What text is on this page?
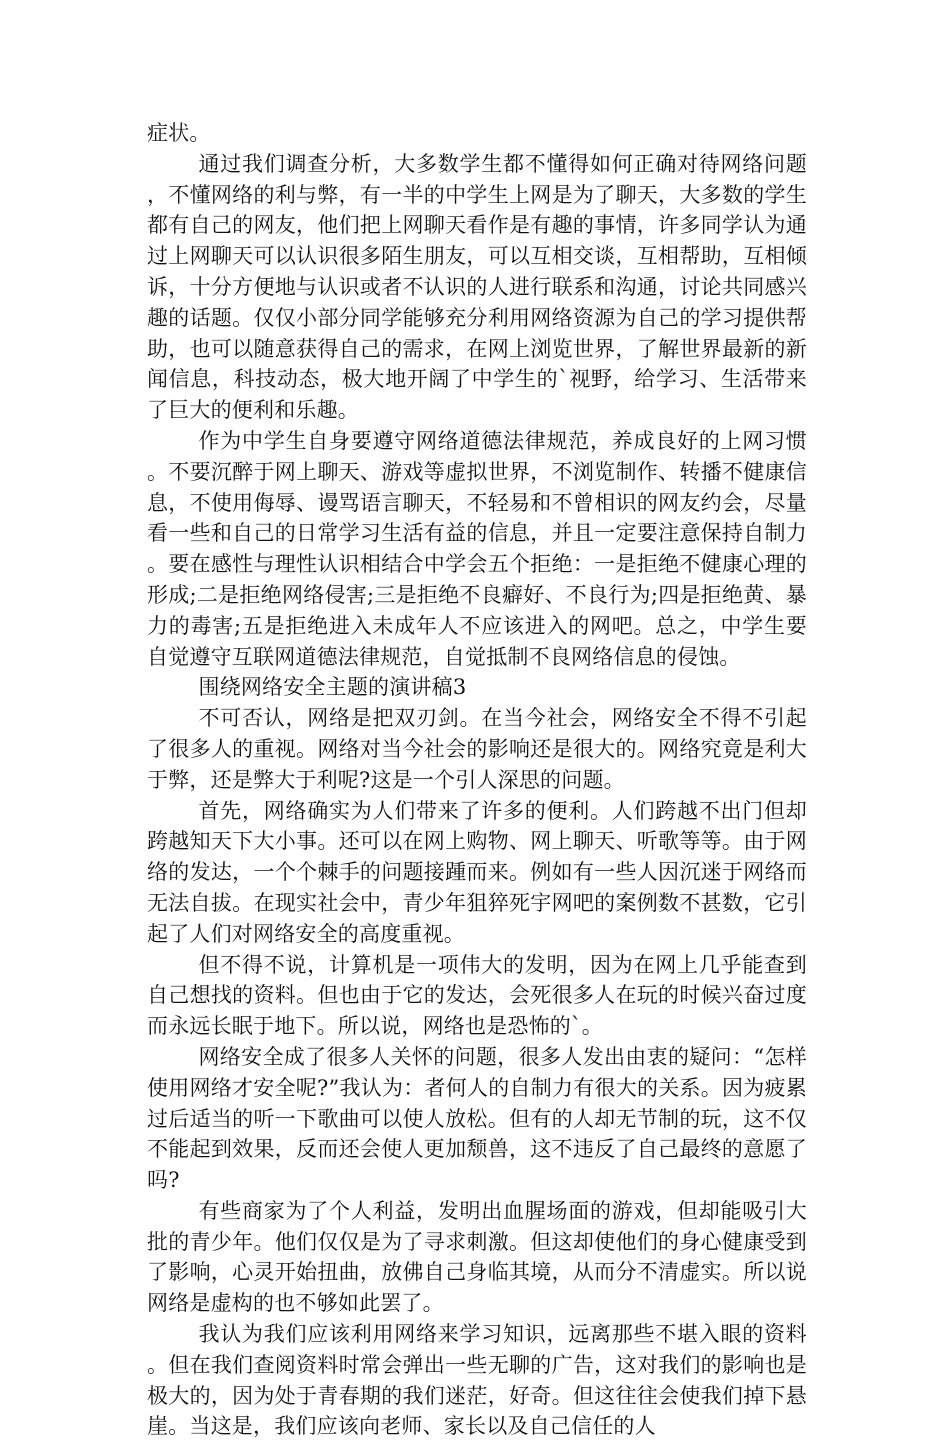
症状。

通过我们调查分析，大多数学生都不懂得如何正确对待网络问题，不懂网络的利与弊，有一半的中学生上网是为了聊天，大多数的学生都有自己的网友，他们把上网聊天看作是有趣的事情，许多同学认为通过上网聊天可以认识很多陌生朋友，可以互相交谈，互相帮助，互相倾诉，十分方便地与认识或者不认识的人进行联系和沟通，讨论共同感兴趣的话题。仅仅小部分同学能够充分利用网络资源为自己的学习提供帮助，也可以随意获得自己的需求，在网上浏览世界，了解世界最新的新闻信息，科技动态，极大地开阔了中学生的`视野，给学习、生活带来了巨大的便利和乐趣。

作为中学生自身要遵守网络道德法律规范，养成良好的上网习惯。不要沉醉于网上聊天、游戏等虚拟世界，不浏览制作、转播不健康信息，不使用侮辱、谩骂语言聊天，不轻易和不曾相识的网友约会，尽量看一些和自己的日常学习生活有益的信息，并且一定要注意保持自制力。要在感性与理性认识相结合中学会五个拒绝：一是拒绝不健康心理的形成;二是拒绝网络侵害;三是拒绝不良癖好、不良行为;四是拒绝黄、暴力的毒害;五是拒绝进入未成年人不应该进入的网吧。总之，中学生要自觉遵守互联网道德法律规范，自觉抵制不良网络信息的侵蚀。

围绕网络安全主题的演讲稿3

不可否认，网络是把双刃剑。在当今社会，网络安全不得不引起了很多人的重视。网络对当今社会的影响还是很大的。网络究竟是利大于弊，还是弊大于利呢?这是一个引人深思的问题。

首先，网络确实为人们带来了许多的便利。人们跨越不出门但却跨越知天下大小事。还可以在网上购物、网上聊天、听歌等等。由于网络的发达，一个个棘手的问题接踵而来。例如有一些人因沉迷于网络而无法自拔。在现实社会中，青少年狙猝死宇网吧的案例数不甚数，它引起了人们对网络安全的高度重视。

但不得不说，计算机是一项伟大的发明，因为在网上几乎能查到自己想找的资料。但也由于它的发达，会死很多人在玩的时候兴奋过度而永远长眠于地下。所以说，网络也是恐怖的`。

网络安全成了很多人关怀的问题，很多人发出由衷的疑问：“怎样使用网络才安全呢?”我认为：者何人的自制力有很大的关系。因为疲累过后适当的听一下歌曲可以使人放松。但有的人却无节制的玩，这不仅不能起到效果，反而还会使人更加颓兽，这不违反了自己最终的意愿了吗?

有些商家为了个人利益，发明出血腥场面的游戏，但却能吸引大批的青少年。他们仅仅是为了寻求刺激。但这却使他们的身心健康受到了影响，心灵开始扭曲，放佛自己身临其境，从而分不清虚实。所以说网络是虚构的也不够如此罢了。

我认为我们应该利用网络来学习知识，远离那些不堪入眼的资料。但在我们查阅资料时常会弹出一些无聊的广告，这对我们的影响也是极大的，因为处于青春期的我们迷茫，好奇。但这往往会使我们掉下悬崖。当这是，我们应该向老师、家长以及自己信任的人
